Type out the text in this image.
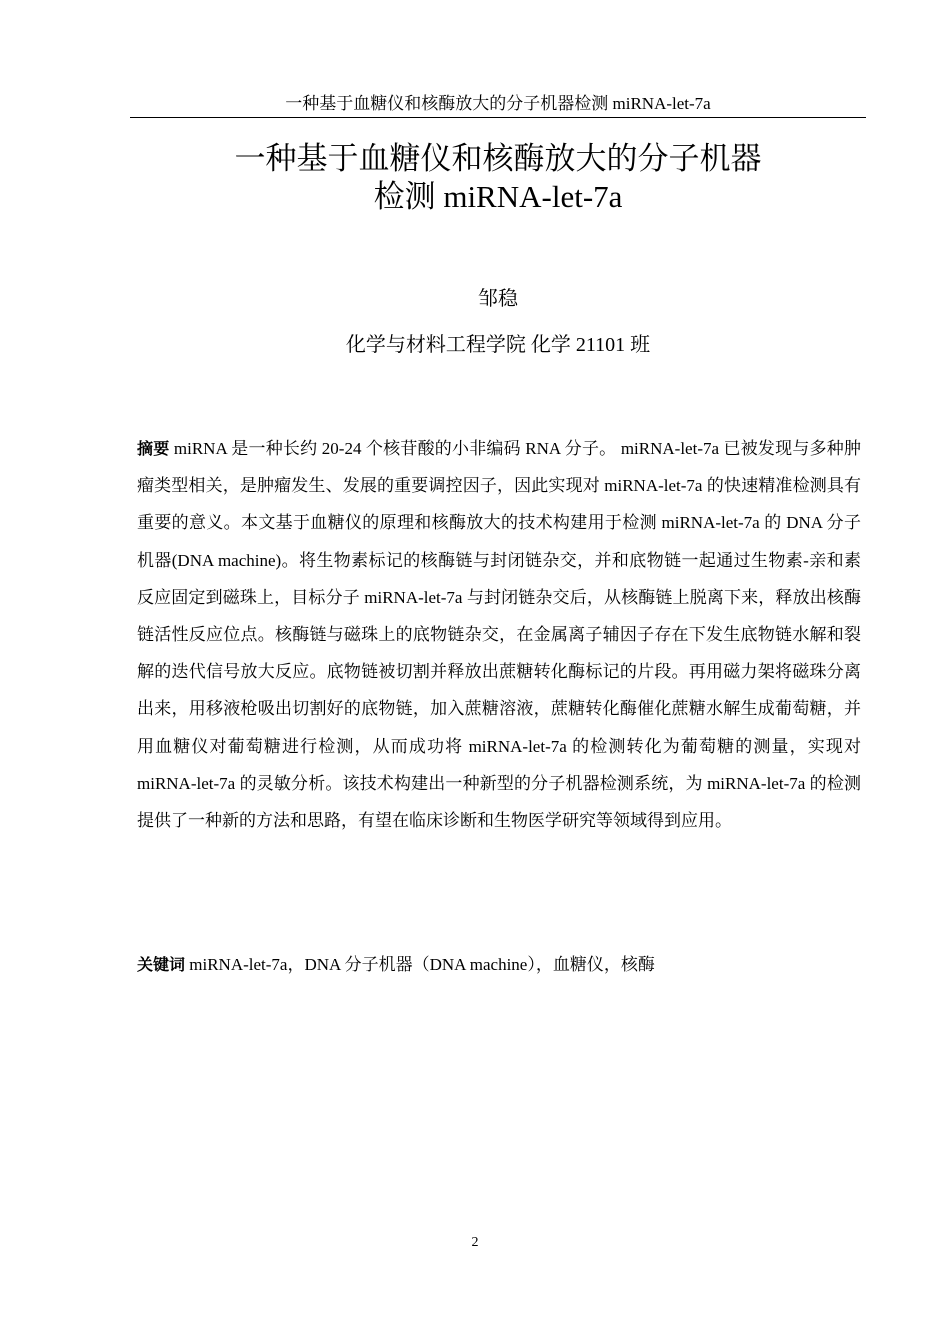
一种基于血糖仪和核酶放大的分子机器检测 miRNA-let-7a
一种基于血糖仪和核酶放大的分子机器
检测 miRNA-let-7a
邹稳
化学与材料工程学院 化学 21101 班

摘要 miRNA 是一种长约 20-24 个核苷酸的小非编码 RNA 分子。 miRNA-let-7a 已被发现与多种肿瘤类型相关，是肿瘤发生、发展的重要调控因子，因此实现对 miRNA-let-7a 的快速精准检测具有重要的意义。本文基于血糖仪的原理和核酶放大的技术构建用于检测 miRNA-let-7a 的 DNA 分子机器(DNA machine)。将生物素标记的核酶链与封闭链杂交，并和底物链一起通过生物素-亲和素反应固定到磁珠上，目标分子 miRNA-let-7a 与封闭链杂交后，从核酶链上脱离下来，释放出核酶链活性反应位点。核酶链与磁珠上的底物链杂交，在金属离子辅因子存在下发生底物链水解和裂解的迭代信号放大反应。底物链被切割并释放出蔗糖转化酶标记的片段。再用磁力架将磁珠分离出来，用移液枪吸出切割好的底物链，加入蔗糖溶液，蔗糖转化酶催化蔗糖水解生成葡萄糖，并用血糖仪对葡萄糖进行检测，从而成功将 miRNA-let-7a 的检测转化为葡萄糖的测量，实现对 miRNA-let-7a 的灵敏分析。该技术构建出一种新型的分子机器检测系统，为 miRNA-let-7a 的检测提供了一种新的方法和思路，有望在临床诊断和生物医学研究等领域得到应用。

关键词 miRNA-let-7a，DNA 分子机器（DNA machine），血糖仪，核酶

2
